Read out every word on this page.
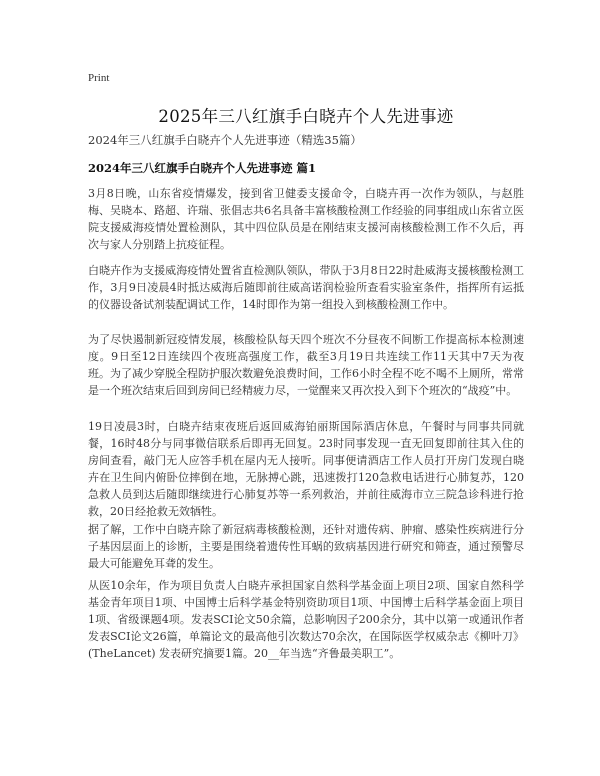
Print
2025年三八红旗手白晓卉个人先进事迹
2024年三八红旗手白晓卉个人先进事迹（精选35篇）
2024年三八红旗手白晓卉个人先进事迹 篇1

3月8日晚，山东省疫情爆发，接到省卫健委支援命令，白晓卉再一次作为领队，与赵胜梅、吴晓本、路超、许瑞、张倡志共6名具备丰富核酸检测工作经验的同事组成山东省立医院支援威海疫情处置检测队，其中四位队员是在刚结束支援河南核酸检测工作不久后，再次与家人分别踏上抗疫征程。

白晓卉作为支援威海疫情处置省直检测队领队，带队于3月8日22时赴威海支援核酸检测工作，3月9日凌晨4时抵达威海后随即前往威高诺润检验所查看实验室条件，指挥所有运抵的仪器设备试剂装配调试工作，14时即作为第一组投入到核酸检测工作中。

为了尽快遏制新冠疫情发展，核酸检队每天四个班次不分昼夜不间断工作提高标本检测速度。9日至12日连续四个夜班高强度工作，截至3月19日共连续工作11天其中7天为夜班。为了减少穿脱全程防护服次数避免浪费时间，工作6小时全程不吃不喝不上厕所，常常是一个班次结束后回到房间已经精疲力尽，一觉醒来又再次投入到下个班次的“战疫”中。

19日凌晨3时，白晓卉结束夜班后返回威海铂丽斯国际酒店休息，午餐时与同事共同就餐，16时48分与同事微信联系后即再无回复。23时同事发现一直无回复即前往其入住的房间查看，敲门无人应答手机在屋内无人接听。同事便请酒店工作人员打开房门发现白晓卉在卫生间内俯卧位摔倒在地，无脉搏心跳，迅速拨打120急救电话进行心肺复苏，120急救人员到达后随即继续进行心肺复苏等一系列救治，并前往威海市立三院急诊科进行抢救，20日经抢救无效牺牲。

据了解，工作中白晓卉除了新冠病毒核酸检测，还针对遗传病、肿瘤、感染性疾病进行分子基因层面上的诊断，主要是围绕着遗传性耳蜗的致病基因进行研究和筛查，通过预警尽最大可能避免耳聋的发生。

从医10余年，作为项目负责人白晓卉承担国家自然科学基金面上项目2项、国家自然科学基金青年项目1项、中国博士后科学基金特别资助项目1项、中国博士后科学基金面上项目1项、省级课题4项。发表SCI论文50余篇，总影响因子200余分，其中以第一或通讯作者发表SCI论文26篇，单篇论文的最高他引次数达70余次，在国际医学权威杂志《柳叶刀》(TheLancet) 发表研究摘要1篇。20__年当选“齐鲁最美职工”。
